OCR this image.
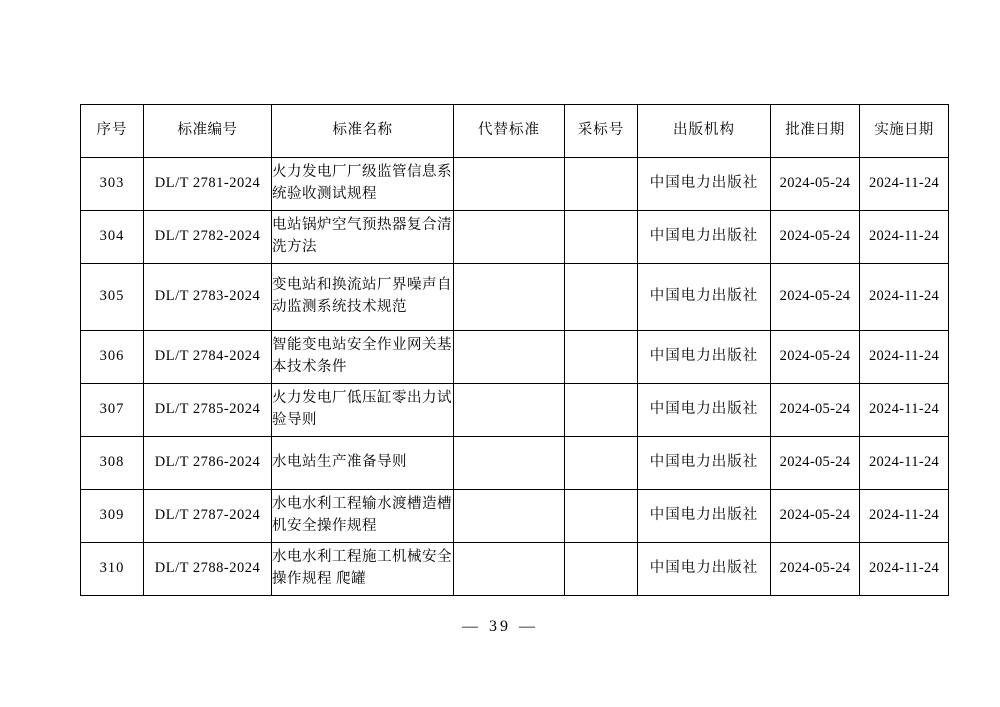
序号	标准编号	标准名称	代替标准	采标号	出版机构	批准日期	实施日期
303	DL/T 2781-2024	火力发电厂厂级监管信息系统验收测试规程			中国电力出版社	2024-05-24	2024-11-24
304	DL/T 2782-2024	电站锅炉空气预热器复合清洗方法			中国电力出版社	2024-05-24	2024-11-24
305	DL/T 2783-2024	变电站和换流站厂界噪声自动监测系统技术规范			中国电力出版社	2024-05-24	2024-11-24
306	DL/T 2784-2024	智能变电站安全作业网关基本技术条件			中国电力出版社	2024-05-24	2024-11-24
307	DL/T 2785-2024	火力发电厂低压缸零出力试验导则			中国电力出版社	2024-05-24	2024-11-24
308	DL/T 2786-2024	水电站生产准备导则			中国电力出版社	2024-05-24	2024-11-24
309	DL/T 2787-2024	水电水利工程输水渡槽造槽机安全操作规程			中国电力出版社	2024-05-24	2024-11-24
310	DL/T 2788-2024	水电水利工程施工机械安全操作规程 爬罐			中国电力出版社	2024-05-24	2024-11-24
— 39 —
